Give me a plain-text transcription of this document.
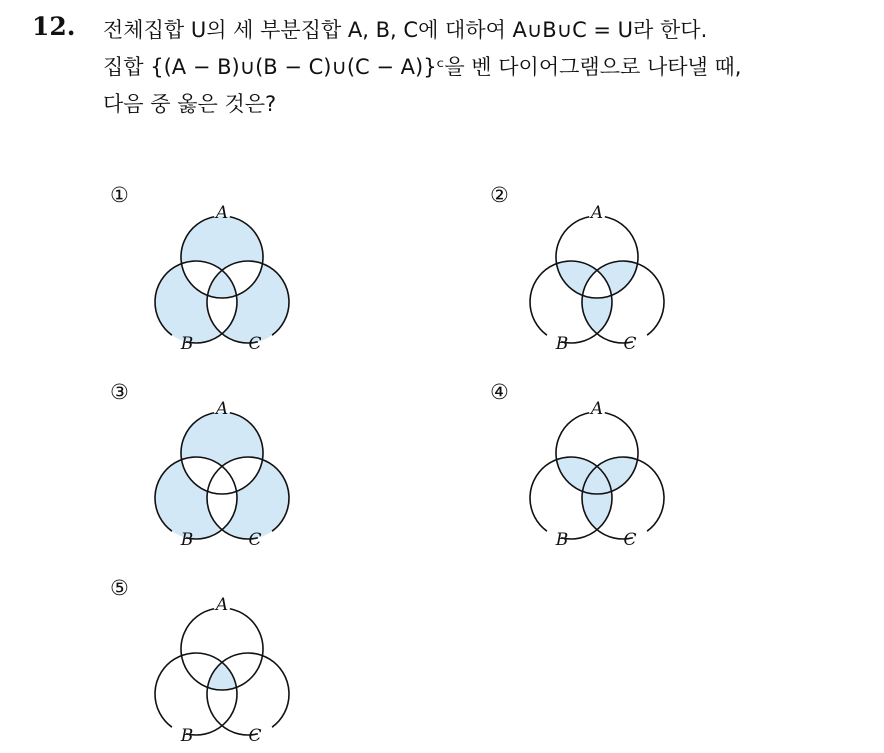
12. 전체집합 U의 세 부분집합 A, B, C에 대하여 A∪B∪C = U라 한다.
집합 {(A − B)∪(B − C)∪(C − A)}ᶜ을 벤 다이어그램으로 나타낼 때,
다음 중 옳은 것은?
①
A
B	C
②
A
B	C
③
A
B	C
④
A
B	C
⑤
A
B	C
